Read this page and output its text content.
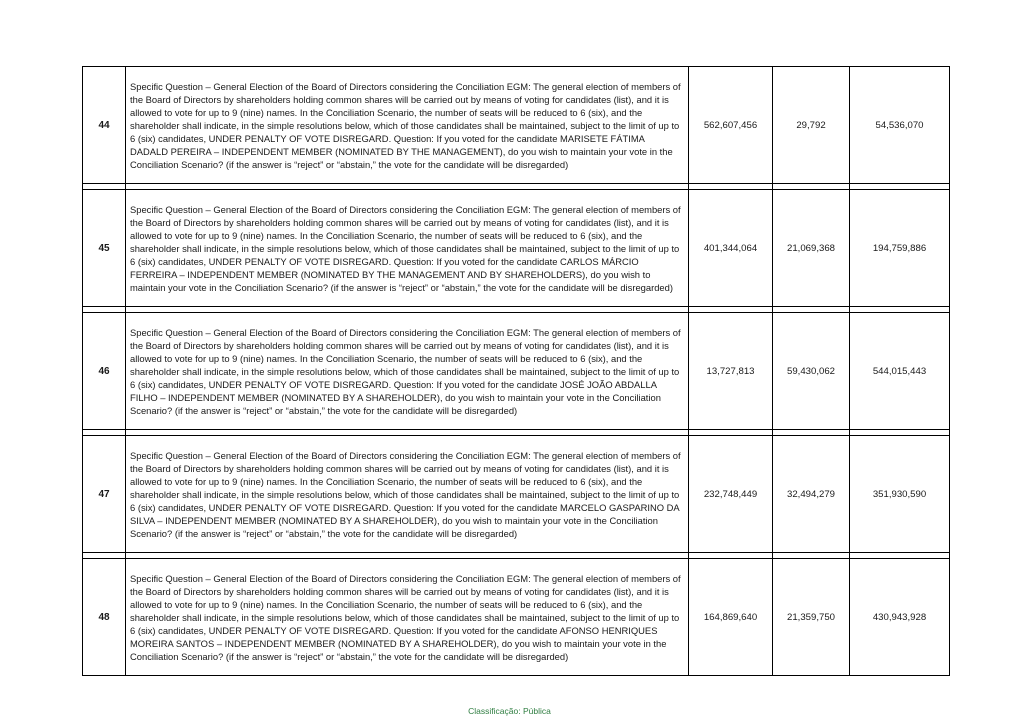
44	Specific Question – General Election of the Board of Directors considering the Conciliation EGM: The general election of members of the Board of Directors by shareholders holding common shares will be carried out by means of voting for candidates (list), and it is allowed to vote for up to 9 (nine) names. In the Conciliation Scenario, the number of seats will be reduced to 6 (six), and the shareholder shall indicate, in the simple resolutions below, which of those candidates shall be maintained, subject to the limit of up to 6 (six) candidates, UNDER PENALTY OF VOTE DISREGARD. Question: If you voted for the candidate MARISETE FÁTIMA DADALD PEREIRA – INDEPENDENT MEMBER (NOMINATED BY THE MANAGEMENT), do you wish to maintain your vote in the Conciliation Scenario? (if the answer is “reject” or “abstain,” the vote for the candidate will be disregarded)	562,607,456	29,792	54,536,070

45	Specific Question – General Election of the Board of Directors considering the Conciliation EGM: The general election of members of the Board of Directors by shareholders holding common shares will be carried out by means of voting for candidates (list), and it is allowed to vote for up to 9 (nine) names. In the Conciliation Scenario, the number of seats will be reduced to 6 (six), and the shareholder shall indicate, in the simple resolutions below, which of those candidates shall be maintained, subject to the limit of up to 6 (six) candidates, UNDER PENALTY OF VOTE DISREGARD. Question: If you voted for the candidate CARLOS MÁRCIO FERREIRA – INDEPENDENT MEMBER (NOMINATED BY THE MANAGEMENT AND BY SHAREHOLDERS), do you wish to maintain your vote in the Conciliation Scenario? (if the answer is “reject” or “abstain,” the vote for the candidate will be disregarded)	401,344,064	21,069,368	194,759,886

46	Specific Question – General Election of the Board of Directors considering the Conciliation EGM: The general election of members of the Board of Directors by shareholders holding common shares will be carried out by means of voting for candidates (list), and it is allowed to vote for up to 9 (nine) names. In the Conciliation Scenario, the number of seats will be reduced to 6 (six), and the shareholder shall indicate, in the simple resolutions below, which of those candidates shall be maintained, subject to the limit of up to 6 (six) candidates, UNDER PENALTY OF VOTE DISREGARD. Question: If you voted for the candidate JOSÉ JOÃO ABDALLA FILHO – INDEPENDENT MEMBER (NOMINATED BY A SHAREHOLDER), do you wish to maintain your vote in the Conciliation Scenario? (if the answer is “reject” or “abstain,” the vote for the candidate will be disregarded)	13,727,813	59,430,062	544,015,443

47	Specific Question – General Election of the Board of Directors considering the Conciliation EGM: The general election of members of the Board of Directors by shareholders holding common shares will be carried out by means of voting for candidates (list), and it is allowed to vote for up to 9 (nine) names. In the Conciliation Scenario, the number of seats will be reduced to 6 (six), and the shareholder shall indicate, in the simple resolutions below, which of those candidates shall be maintained, subject to the limit of up to 6 (six) candidates, UNDER PENALTY OF VOTE DISREGARD. Question: If you voted for the candidate MARCELO GASPARINO DA SILVA – INDEPENDENT MEMBER (NOMINATED BY A SHAREHOLDER), do you wish to maintain your vote in the Conciliation Scenario? (if the answer is “reject” or “abstain,” the vote for the candidate will be disregarded)	232,748,449	32,494,279	351,930,590

48	Specific Question – General Election of the Board of Directors considering the Conciliation EGM: The general election of members of the Board of Directors by shareholders holding common shares will be carried out by means of voting for candidates (list), and it is allowed to vote for up to 9 (nine) names. In the Conciliation Scenario, the number of seats will be reduced to 6 (six), and the shareholder shall indicate, in the simple resolutions below, which of those candidates shall be maintained, subject to the limit of up to 6 (six) candidates, UNDER PENALTY OF VOTE DISREGARD. Question: If you voted for the candidate AFONSO HENRIQUES MOREIRA SANTOS – INDEPENDENT MEMBER (NOMINATED BY A SHAREHOLDER), do you wish to maintain your vote in the Conciliation Scenario? (if the answer is “reject” or “abstain,” the vote for the candidate will be disregarded)	164,869,640	21,359,750	430,943,928
Classificação: Pública
